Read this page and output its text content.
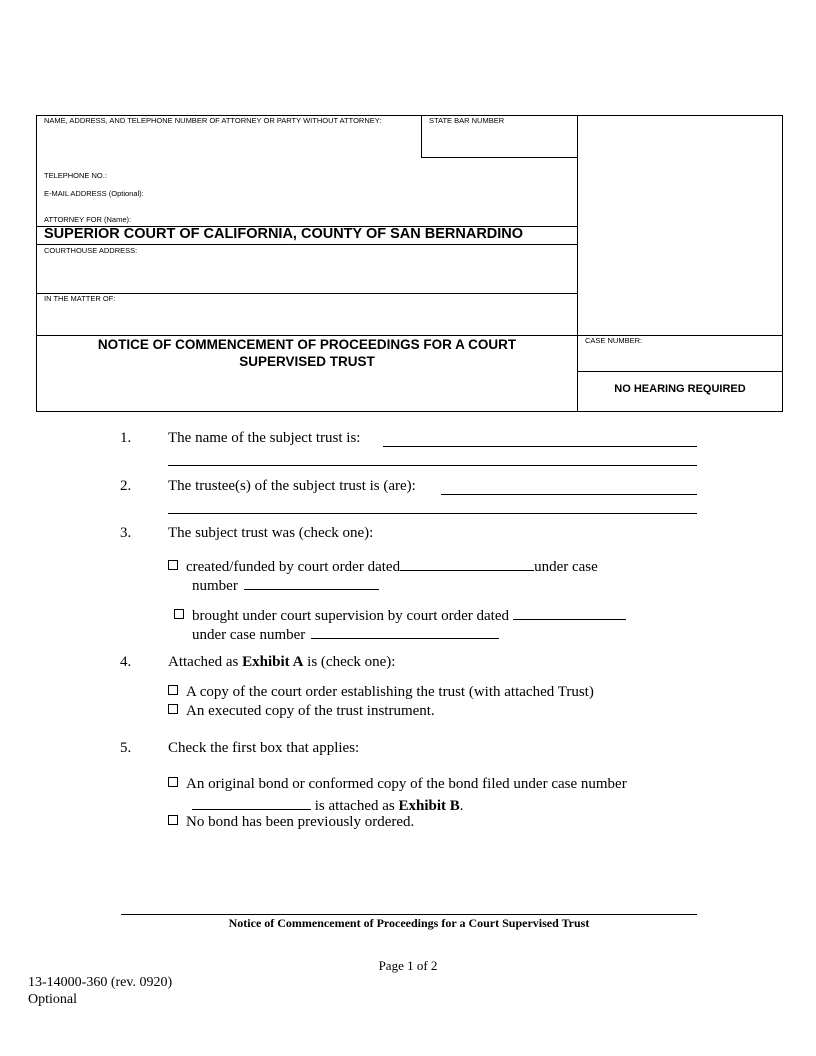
NAME, ADDRESS, AND TELEPHONE NUMBER OF ATTORNEY OR PARTY WITHOUT ATTORNEY:	STATE BAR NUMBER
TELEPHONE NO.:
E-MAIL ADDRESS (Optional):
ATTORNEY FOR (Name):
SUPERIOR COURT OF CALIFORNIA, COUNTY OF SAN BERNARDINO
COURTHOUSE ADDRESS:
IN THE MATTER OF:
NOTICE OF COMMENCEMENT OF PROCEEDINGS FOR A COURT
SUPERVISED TRUST
CASE NUMBER:
NO HEARING REQUIRED
1. The name of the subject trust is:
2. The trustee(s) of the subject trust is (are):
3. The subject trust was (check one):
created/funded by court order dated	under case
number
brought under court supervision by court order dated
under case number
4. Attached as Exhibit A is (check one):
A copy of the court order establishing the trust (with attached Trust)
An executed copy of the trust instrument.
5. Check the first box that applies:
An original bond or conformed copy of the bond filed under case number
is attached as Exhibit B.
No bond has been previously ordered.
Notice of Commencement of Proceedings for a Court Supervised Trust
Page 1 of 2
13-14000-360 (rev. 0920)
Optional
